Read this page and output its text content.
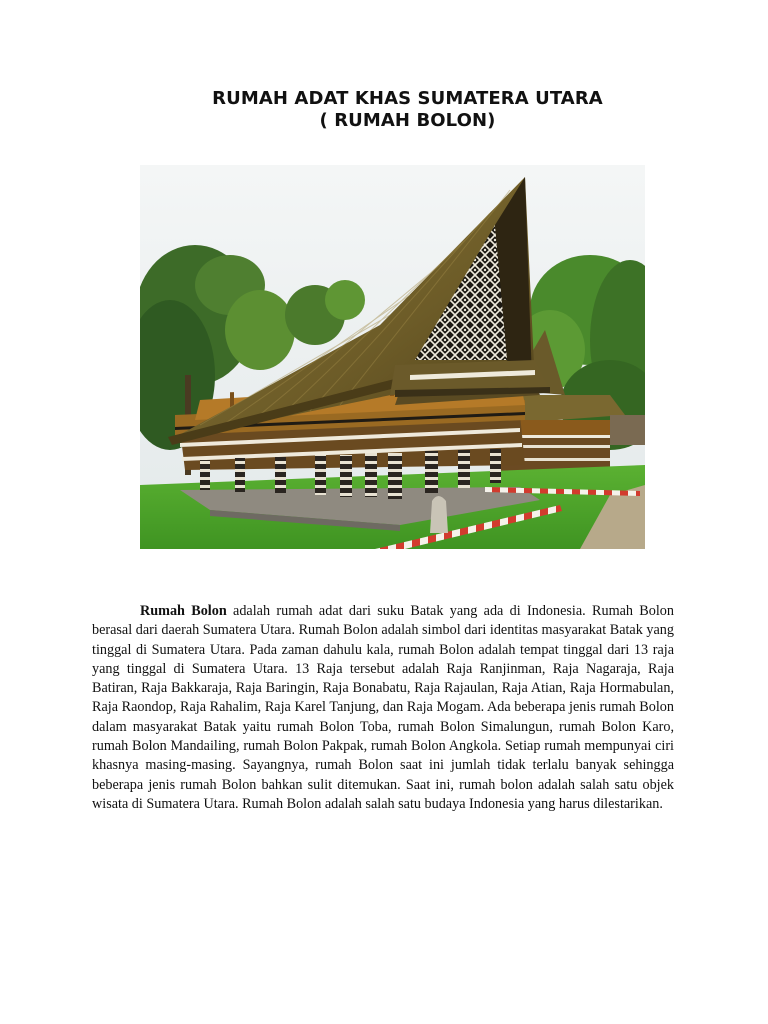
RUMAH ADAT KHAS SUMATERA UTARA
( RUMAH BOLON)

Rumah Bolon adalah rumah adat dari suku Batak yang ada di Indonesia. Rumah Bolon berasal dari daerah Sumatera Utara. Rumah Bolon adalah simbol dari identitas masyarakat Batak yang tinggal di Sumatera Utara. Pada zaman dahulu kala, rumah Bolon adalah tempat tinggal dari 13 raja yang tinggal di Sumatera Utara. 13 Raja tersebut adalah Raja Ranjinman, Raja Nagaraja, Raja Batiran, Raja Bakkaraja, Raja Baringin, Raja Bonabatu, Raja Rajaulan, Raja Atian, Raja Hormabulan, Raja Raondop, Raja Rahalim, Raja Karel Tanjung, dan Raja Mogam. Ada beberapa jenis rumah Bolon dalam masyarakat Batak yaitu rumah Bolon Toba, rumah Bolon Simalungun, rumah Bolon Karo, rumah Bolon Mandailing, rumah Bolon Pakpak, rumah Bolon Angkola. Setiap rumah mempunyai ciri khasnya masing-masing. Sayangnya, rumah Bolon saat ini jumlah tidak terlalu banyak sehingga beberapa jenis rumah Bolon bahkan sulit ditemukan. Saat ini, rumah bolon adalah salah satu objek wisata di Sumatera Utara. Rumah Bolon adalah salah satu budaya Indonesia yang harus dilestarikan.
